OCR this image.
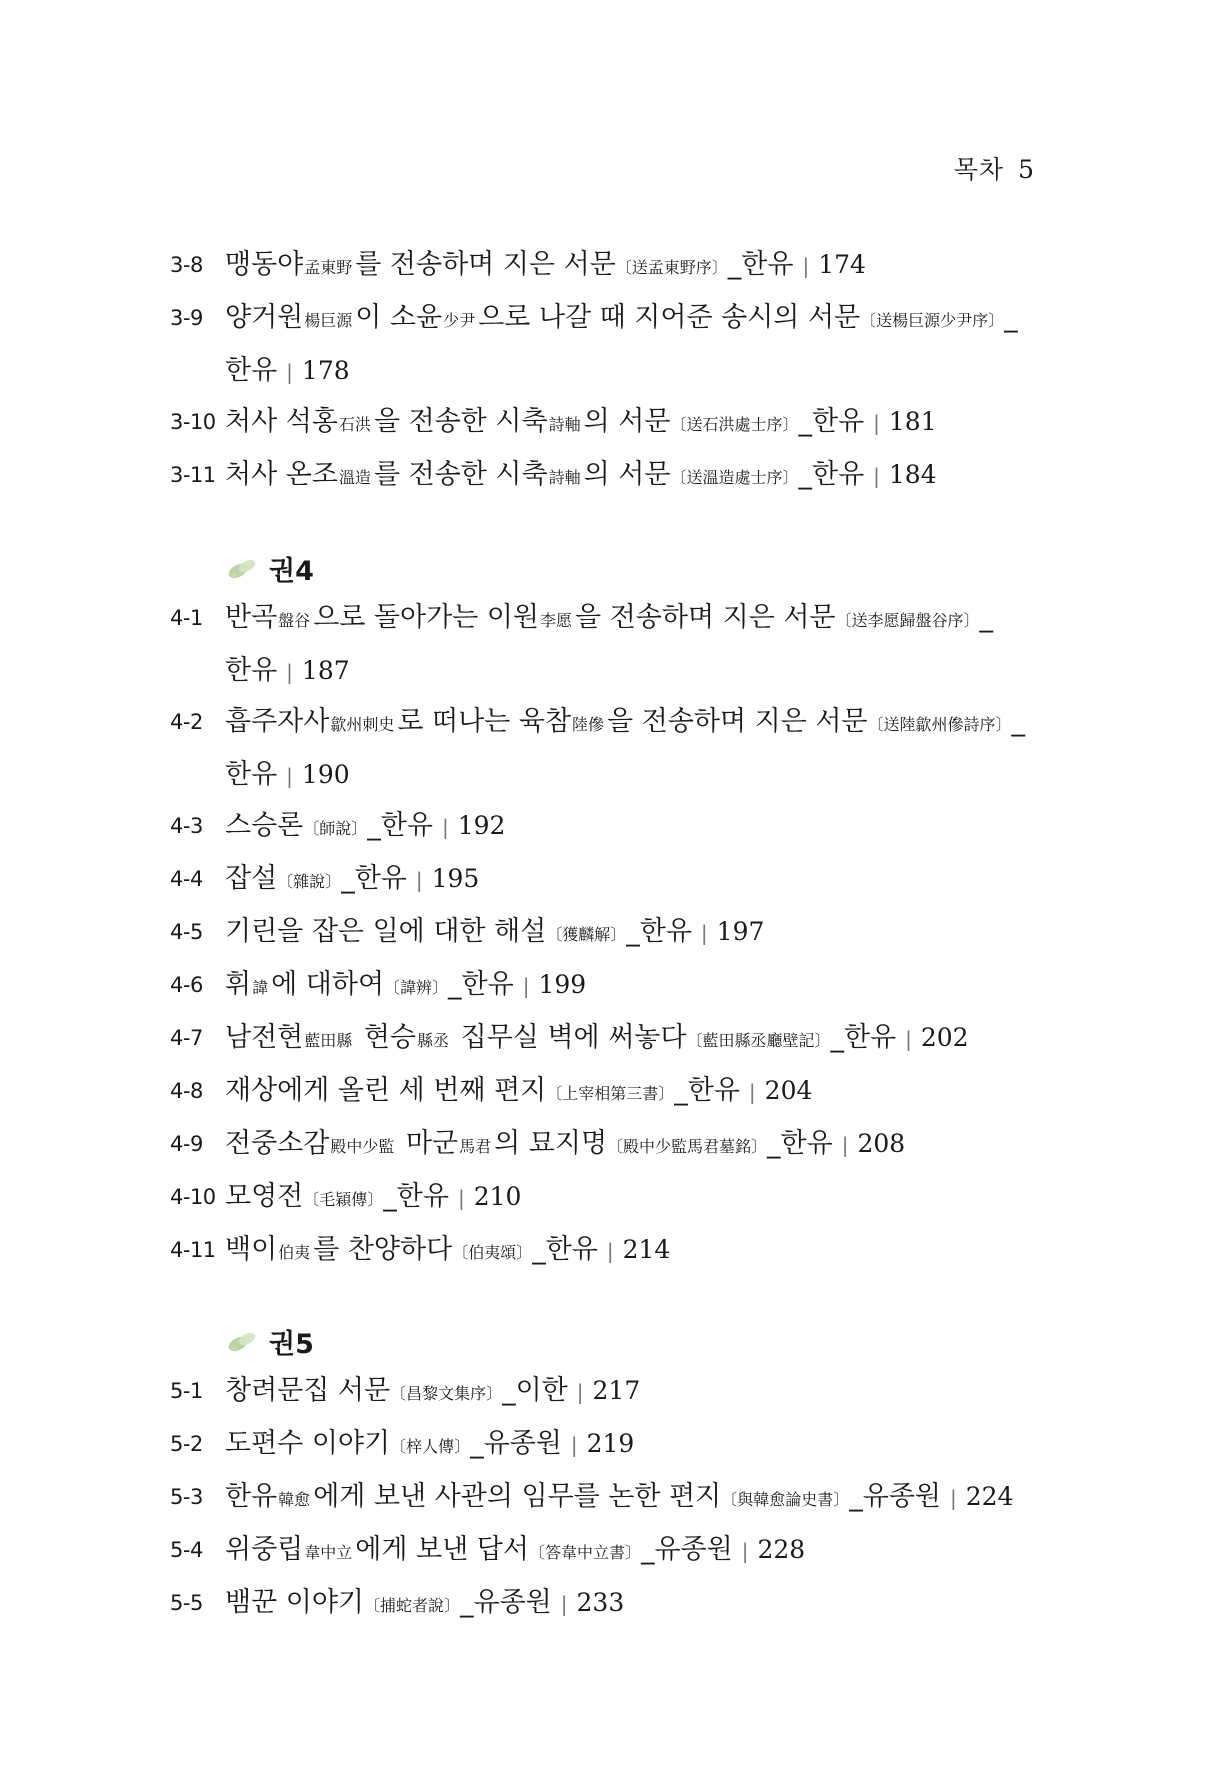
목차 5
3-8 맹동야孟東野 를 전송하며 지은 서문〔送孟東野序〕_한유 | 174
3-9 양거원楊巨源 이 소윤少尹 으로 나갈 때 지어준 송시의 서문〔送楊巨源少尹序〕_
한유 | 178
3-10 처사 석홍石洪 을 전송한 시축詩軸 의 서문〔送石洪處士序〕_한유 | 181
3-11 처사 온조溫造 를 전송한 시축詩軸 의 서문〔送溫造處士序〕_한유 | 184
권4
4-1 반곡盤谷 으로 돌아가는 이원李愿 을 전송하며 지은 서문〔送李愿歸盤谷序〕_
한유 | 187
4-2 흡주자사歙州刺史 로 떠나는 육참陸傪 을 전송하며 지은 서문〔送陸歙州傪詩序〕_
한유 | 190
4-3 스승론〔師說〕_한유 | 192
4-4 잡설〔雜說〕_한유 | 195
4-5 기린을 잡은 일에 대한 해설〔獲麟解〕_한유 | 197
4-6 휘諱 에 대하여〔諱辨〕_한유 | 199
4-7 남전현藍田縣 현승縣丞 집무실 벽에 써놓다〔藍田縣丞廳壁記〕_한유 | 202
4-8 재상에게 올린 세 번째 편지〔上宰相第三書〕_한유 | 204
4-9 전중소감殿中少監 마군馬君 의 묘지명〔殿中少監馬君墓銘〕_한유 | 208
4-10 모영전〔毛穎傳〕_한유 | 210
4-11 백이伯夷 를 찬양하다〔伯夷頌〕_한유 | 214
권5
5-1 창려문집 서문〔昌黎文集序〕_이한 | 217
5-2 도편수 이야기〔梓人傳〕_유종원 | 219
5-3 한유韓愈 에게 보낸 사관의 임무를 논한 편지〔與韓愈論史書〕_유종원 | 224
5-4 위중립韋中立 에게 보낸 답서〔答韋中立書〕_유종원 | 228
5-5 뱀꾼 이야기〔捕蛇者說〕_유종원 | 233
